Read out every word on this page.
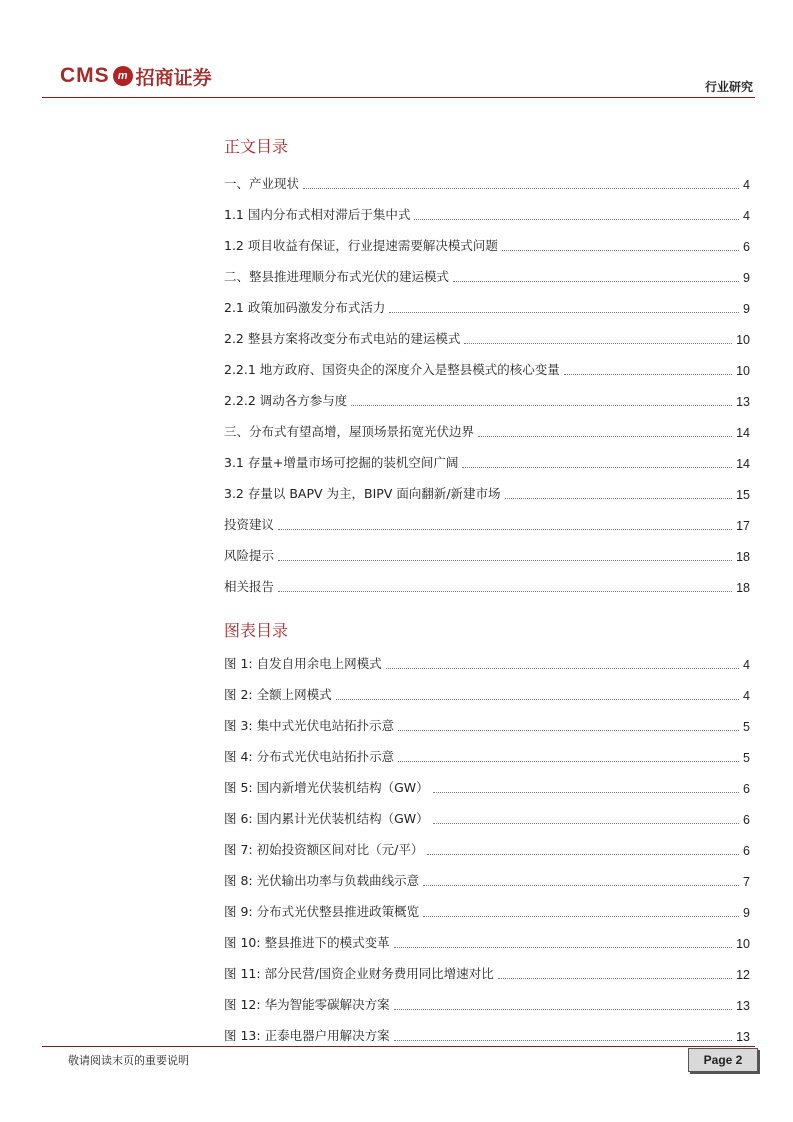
CMS m 招商证券	行业研究
正文目录
一、产业现状	4
1.1 国内分布式相对滞后于集中式	4
1.2 项目收益有保证，行业提速需要解决模式问题	6
二、整县推进理顺分布式光伏的建运模式	9
2.1 政策加码激发分布式活力	9
2.2 整县方案将改变分布式电站的建运模式	10
2.2.1 地方政府、国资央企的深度介入是整县模式的核心变量	10
2.2.2 调动各方参与度	13
三、分布式有望高增，屋顶场景拓宽光伏边界	14
3.1 存量+增量市场可挖掘的装机空间广阔	14
3.2 存量以 BAPV 为主，BIPV 面向翻新/新建市场	15
投资建议	17
风险提示	18
相关报告	18
图表目录
图 1: 自发自用余电上网模式	4
图 2: 全额上网模式	4
图 3: 集中式光伏电站拓扑示意	5
图 4: 分布式光伏电站拓扑示意	5
图 5: 国内新增光伏装机结构（GW）	6
图 6: 国内累计光伏装机结构（GW）	6
图 7: 初始投资额区间对比（元/平）	6
图 8: 光伏输出功率与负载曲线示意	7
图 9: 分布式光伏整县推进政策概览	9
图 10: 整县推进下的模式变革	10
图 11: 部分民营/国资企业财务费用同比增速对比	12
图 12: 华为智能零碳解决方案	13
图 13: 正泰电器户用解决方案	13
敬请阅读末页的重要说明	Page 2
